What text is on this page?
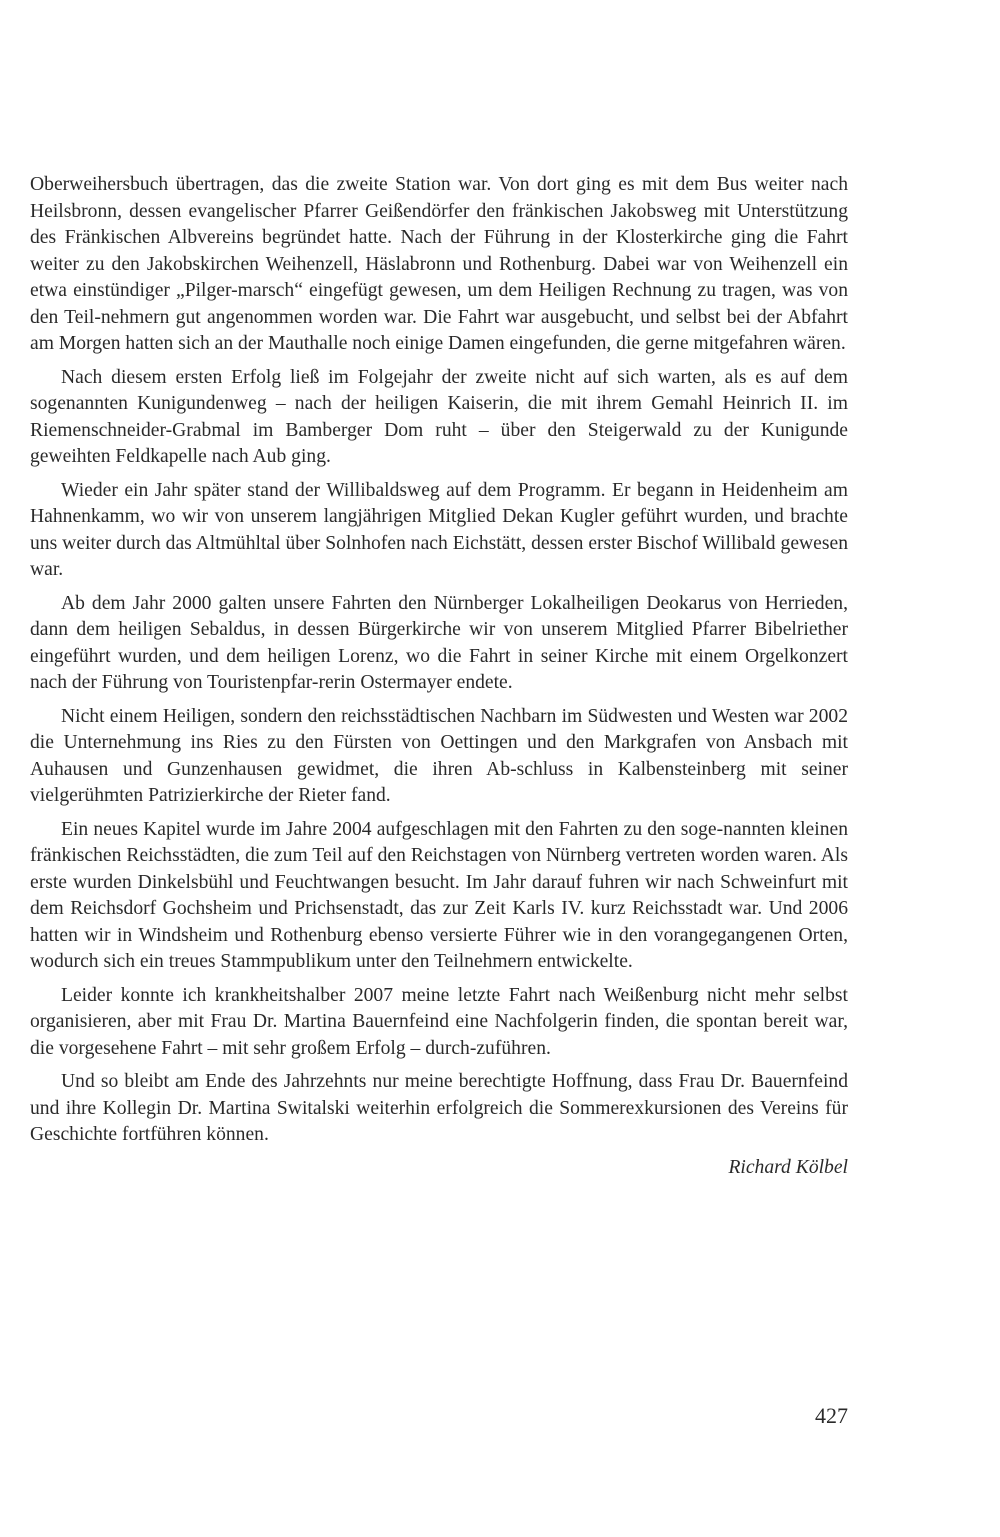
Oberweihersbuch übertragen, das die zweite Station war. Von dort ging es mit dem Bus weiter nach Heilsbronn, dessen evangelischer Pfarrer Geißendörfer den fränkischen Jakobsweg mit Unterstützung des Fränkischen Albvereins begründet hatte. Nach der Führung in der Klosterkirche ging die Fahrt weiter zu den Jakobskirchen Weihenzell, Häslabronn und Rothenburg. Dabei war von Weihenzell ein etwa einstündiger „Pilger-marsch“ eingefügt gewesen, um dem Heiligen Rechnung zu tragen, was von den Teil-nehmern gut angenommen worden war. Die Fahrt war ausgebucht, und selbst bei der Abfahrt am Morgen hatten sich an der Mauthalle noch einige Damen eingefunden, die gerne mitgefahren wären.

Nach diesem ersten Erfolg ließ im Folgejahr der zweite nicht auf sich warten, als es auf dem sogenannten Kunigundenweg – nach der heiligen Kaiserin, die mit ihrem Gemahl Heinrich II. im Riemenschneider-Grabmal im Bamberger Dom ruht – über den Steigerwald zu der Kunigunde geweihten Feldkapelle nach Aub ging.

Wieder ein Jahr später stand der Willibaldsweg auf dem Programm. Er begann in Heidenheim am Hahnenkamm, wo wir von unserem langjährigen Mitglied Dekan Kugler geführt wurden, und brachte uns weiter durch das Altmühltal über Solnhofen nach Eichstätt, dessen erster Bischof Willibald gewesen war.

Ab dem Jahr 2000 galten unsere Fahrten den Nürnberger Lokalheiligen Deokarus von Herrieden, dann dem heiligen Sebaldus, in dessen Bürgerkirche wir von unserem Mitglied Pfarrer Bibelriether eingeführt wurden, und dem heiligen Lorenz, wo die Fahrt in seiner Kirche mit einem Orgelkonzert nach der Führung von Touristenpfar-rerin Ostermayer endete.

Nicht einem Heiligen, sondern den reichsstädtischen Nachbarn im Südwesten und Westen war 2002 die Unternehmung ins Ries zu den Fürsten von Oettingen und den Markgrafen von Ansbach mit Auhausen und Gunzenhausen gewidmet, die ihren Ab-schluss in Kalbensteinberg mit seiner vielgerühmten Patrizierkirche der Rieter fand.

Ein neues Kapitel wurde im Jahre 2004 aufgeschlagen mit den Fahrten zu den soge-nannten kleinen fränkischen Reichsstädten, die zum Teil auf den Reichstagen von Nürnberg vertreten worden waren. Als erste wurden Dinkelsbühl und Feuchtwangen besucht. Im Jahr darauf fuhren wir nach Schweinfurt mit dem Reichsdorf Gochsheim und Prichsenstadt, das zur Zeit Karls IV. kurz Reichsstadt war. Und 2006 hatten wir in Windsheim und Rothenburg ebenso versierte Führer wie in den vorangegangenen Orten, wodurch sich ein treues Stammpublikum unter den Teilnehmern entwickelte.

Leider konnte ich krankheitshalber 2007 meine letzte Fahrt nach Weißenburg nicht mehr selbst organisieren, aber mit Frau Dr. Martina Bauernfeind eine Nachfolgerin finden, die spontan bereit war, die vorgesehene Fahrt – mit sehr großem Erfolg – durch-zuführen.

Und so bleibt am Ende des Jahrzehnts nur meine berechtigte Hoffnung, dass Frau Dr. Bauernfeind und ihre Kollegin Dr. Martina Switalski weiterhin erfolgreich die Sommerexkursionen des Vereins für Geschichte fortführen können.

Richard Kölbel

427
